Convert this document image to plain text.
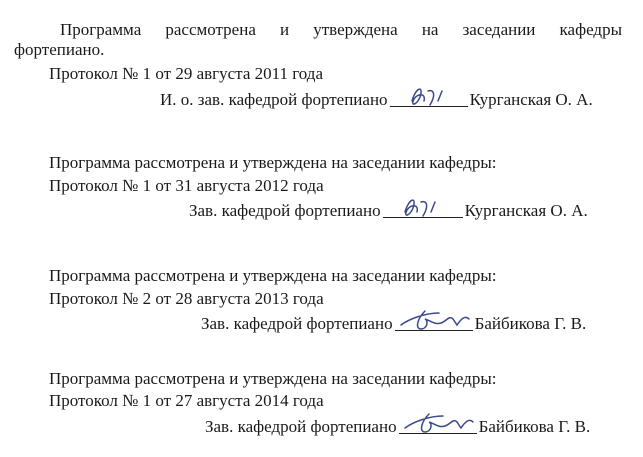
Программа рассмотрена и утверждена на заседании кафедры
фортепиано.
Протокол № 1 от 29 августа 2011 года
И. о. зав. кафедрой фортепиано	Курганская О. А.
Программа рассмотрена и утверждена на заседании кафедры:
Протокол № 1 от 31 августа 2012 года
Зав. кафедрой фортепиано	Курганская О. А.
Программа рассмотрена и утверждена на заседании кафедры:
Протокол № 2 от 28 августа 2013 года
Зав. кафедрой фортепиано	Байбикова Г. В.
Программа рассмотрена и утверждена на заседании кафедры:
Протокол № 1 от 27 августа 2014 года
Зав. кафедрой фортепиано	Байбикова Г. В.
